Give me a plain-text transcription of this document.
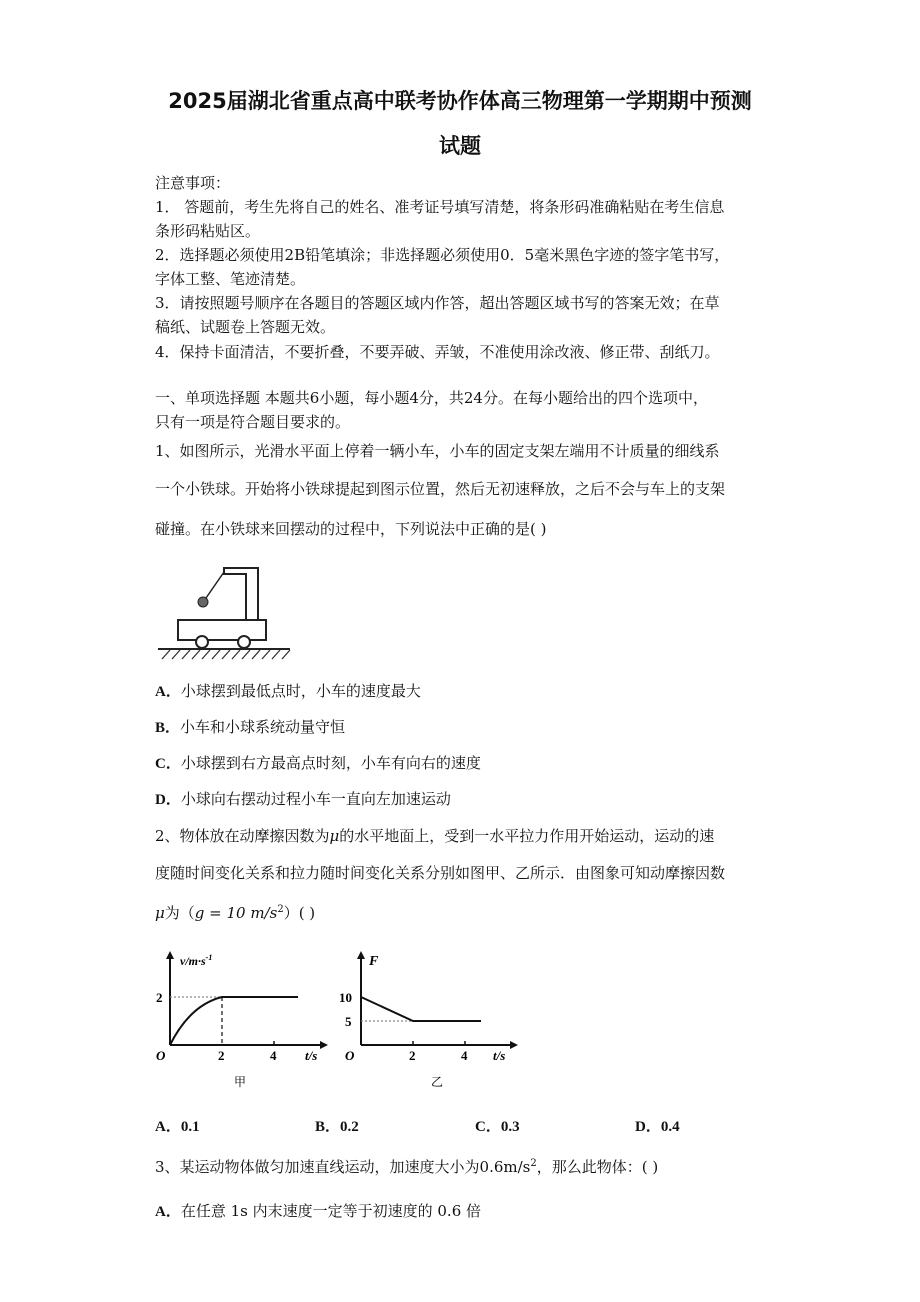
2025届湖北省重点高中联考协作体高三物理第一学期期中预测
试题
注意事项：
1． 答题前，考生先将自己的姓名、准考证号填写清楚，将条形码准确粘贴在考生信息
条形码粘贴区。
2．选择题必须使用2B铅笔填涂；非选择题必须使用0．5毫米黑色字迹的签字笔书写，
字体工整、笔迹清楚。
3．请按照题号顺序在各题目的答题区域内作答，超出答题区域书写的答案无效；在草
稿纸、试题卷上答题无效。
4．保持卡面清洁，不要折叠，不要弄破、弄皱，不准使用涂改液、修正带、刮纸刀。
一、单项选择题 本题共6小题，每小题4分，共24分。在每小题给出的四个选项中，
只有一项是符合题目要求的。
1、如图所示，光滑水平面上停着一辆小车，小车的固定支架左端用不计质量的细线系
一个小铁球。开始将小铁球提起到图示位置，然后无初速释放，之后不会与车上的支架
碰撞。在小铁球来回摆动的过程中，下列说法中正确的是( )
A．小球摆到最低点时，小车的速度最大
B．小车和小球系统动量守恒
C．小球摆到右方最高点时刻，小车有向右的速度
D．小球向右摆动过程小车一直向左加速运动
2、物体放在动摩擦因数为μ的水平地面上，受到一水平拉力作用开始运动，运动的速
度随时间变化关系和拉力随时间变化关系分别如图甲、乙所示．由图象可知动摩擦因数
μ为（g = 10 $m/s^2$）( )
$v/m\cdot s^{-1}$
2
O	2	4 t/s
甲
F
10
5
O	2	4 t/s
乙
A．0.1	B．0.2	C．0.3	D．0.4
3、某运动物体做匀加速直线运动，加速度大小为$0.6m/s^2$，那么此物体：( )
A．在任意 1s 内末速度一定等于初速度的 0.6 倍
